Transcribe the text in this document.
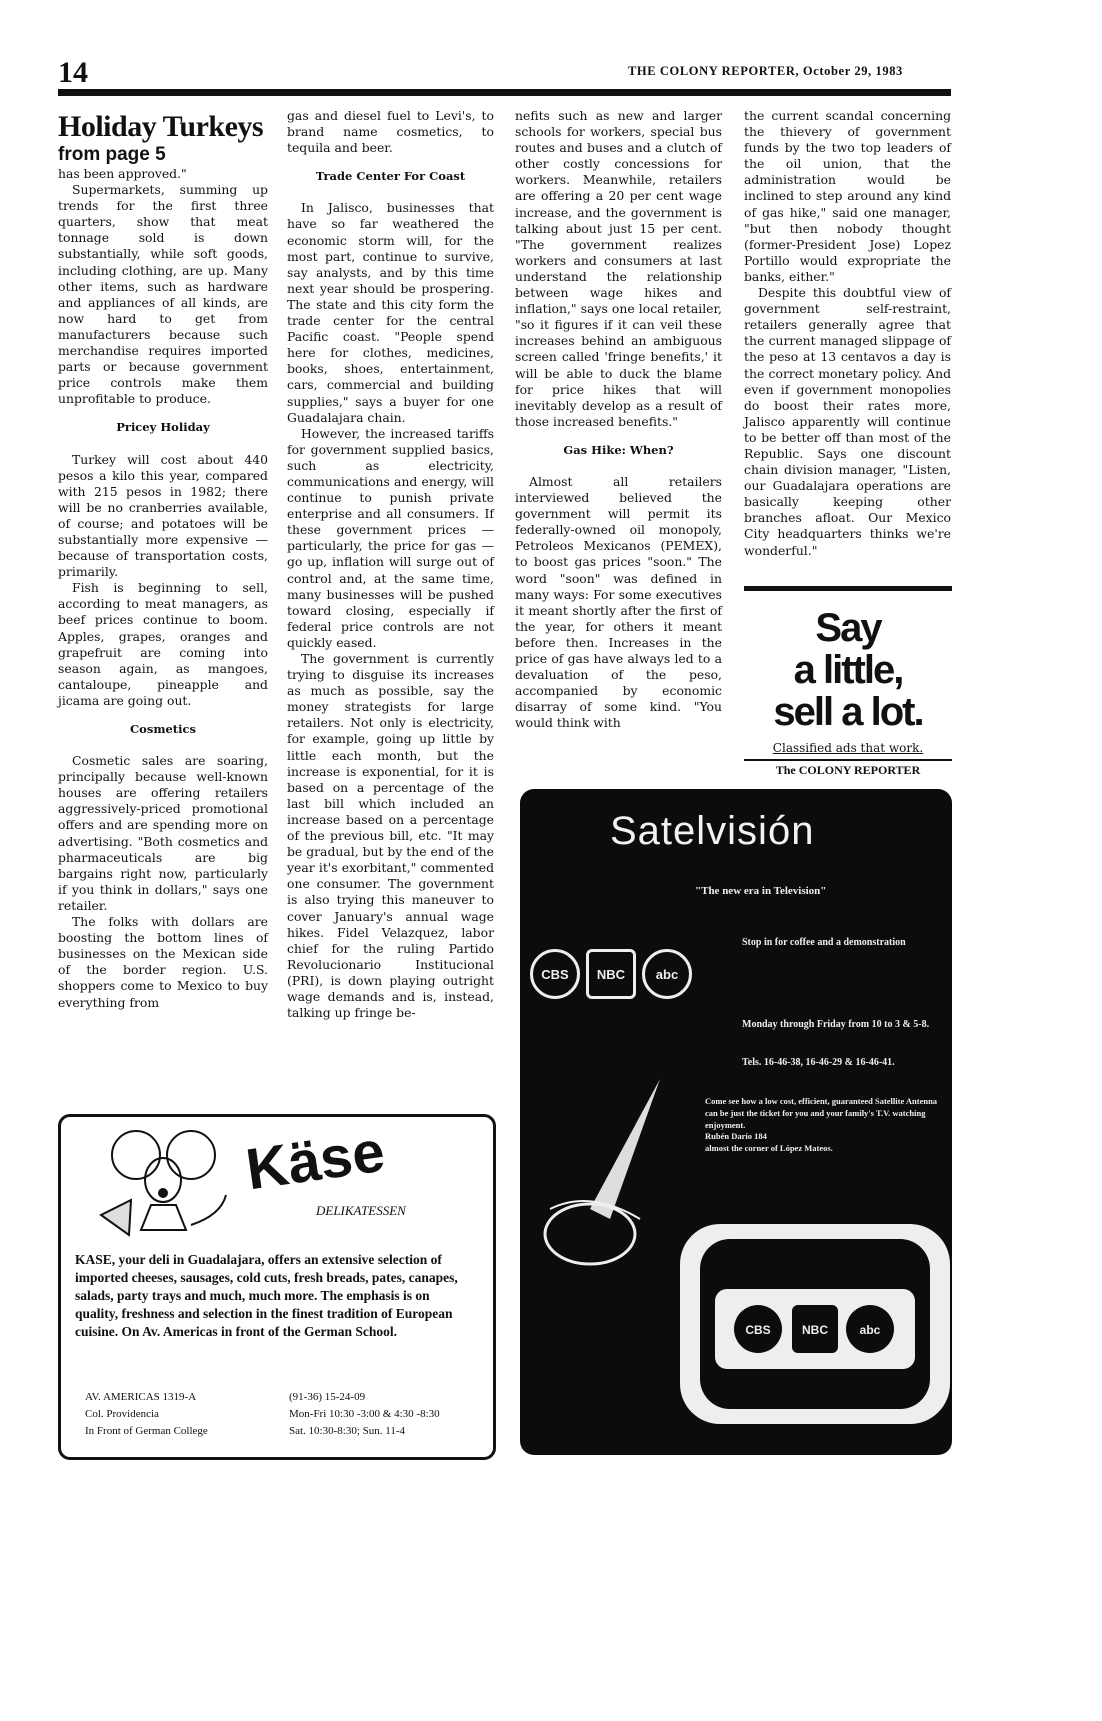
14	THE COLONY REPORTER, October 29, 1983

Holiday Turkeys

from page 5

has been approved."

Supermarkets, summing up trends for the first three quarters, show that meat tonnage sold is down substantially, while soft goods, including clothing, are up. Many other items, such as hardware and appliances of all kinds, are now hard to get from manufacturers because such merchandise requires imported parts or because government price controls make them unprofitable to produce.

Pricey Holiday

Turkey will cost about 440 pesos a kilo this year, compared with 215 pesos in 1982; there will be no cranberries available, of course; and potatoes will be substantially more expensive — because of transportation costs, primarily.

Fish is beginning to sell, according to meat managers, as beef prices continue to boom. Apples, grapes, oranges and grapefruit are coming into season again, as mangoes, cantaloupe, pineapple and jicama are going out.

Cosmetics

Cosmetic sales are soaring, principally because well-known houses are offering retailers aggressively-priced promotional offers and are spending more on advertising. "Both cosmetics and pharmaceuticals are big bargains right now, particularly if you think in dollars," says one retailer.

The folks with dollars are boosting the bottom lines of businesses on the Mexican side of the border region. U.S. shoppers come to Mexico to buy everything from

gas and diesel fuel to Levi's, to brand name cosmetics, to tequila and beer.

Trade Center For Coast

In Jalisco, businesses that have so far weathered the economic storm will, for the most part, continue to survive, say analysts, and by this time next year should be prospering. The state and this city form the trade center for the central Pacific coast. "People spend here for clothes, medicines, books, shoes, entertainment, cars, commercial and building supplies," says a buyer for one Guadalajara chain.

However, the increased tariffs for government supplied basics, such as electricity, communications and energy, will continue to punish private enterprise and all consumers. If these government prices — particularly, the price for gas — go up, inflation will surge out of control and, at the same time, many businesses will be pushed toward closing, especially if federal price controls are not quickly eased.

The government is currently trying to disguise its increases as much as possible, say the money strategists for large retailers. Not only is electricity, for example, going up little by little each month, but the increase is exponential, for it is based on a percentage of the last bill which included an increase based on a percentage of the previous bill, etc. "It may be gradual, but by the end of the year it's exorbitant," commented one consumer. The government is also trying this maneuver to cover January's annual wage hikes. Fidel Velazquez, labor chief for the ruling Partido Revolucionario Institucional (PRI), is down playing outright wage demands and is, instead, talking up fringe be-

nefits such as new and larger schools for workers, special bus routes and buses and a clutch of other costly concessions for workers. Meanwhile, retailers are offering a 20 per cent wage increase, and the government is talking about just 15 per cent. "The government realizes workers and consumers at last understand the relationship between wage hikes and inflation," says one local retailer, "so it figures if it can veil these increases behind an ambiguous screen called 'fringe benefits,' it will be able to duck the blame for price hikes that will inevitably develop as a result of those increased benefits."

Gas Hike: When?

Almost all retailers interviewed believed the government will permit its federally-owned oil monopoly, Petroleos Mexicanos (PEMEX), to boost gas prices "soon." The word "soon" was defined in many ways: For some executives it meant shortly after the first of the year, for others it meant before then. Increases in the price of gas have always led to a devaluation of the peso, accompanied by economic disarray of some kind. "You would think with

the current scandal concerning the thievery of government funds by the two top leaders of the oil union, that the administration would be inclined to step around any kind of gas hike," said one manager, "but then nobody thought (former-President Jose) Lopez Portillo would expropriate the banks, either."

Despite this doubtful view of government self-restraint, retailers generally agree that the current managed slippage of the peso at 13 centavos a day is the correct monetary policy. And even if government monopolies do boost their rates more, Jalisco apparently will continue to be better off than most of the Republic. Says one discount chain division manager, "Listen, our Guadalajara operations are basically keeping other branches afloat. Our Mexico City headquarters thinks we're wonderful."

Say
a little,
sell a lot.
Classified ads that work.
The COLONY REPORTER
Satelvisión
"The new era in Television"
Stop in for coffee and a demonstration
CBS	NBC	abc
Monday through Friday from 10 to 3 & 5-8.
Tels. 16-46-38, 16-46-29 & 16-46-41.
Come see how a low cost, efficient, guaranteed Satellite Antenna can be just the ticket for you and your family's T.V. watching enjoyment.
Rubén Darío 184
almost the corner of López Mateos.
CBS	NBC	abc
Käse
DELIKATESSEN
KASE, your deli in Guadalajara, offers an extensive selection of imported cheeses, sausages, cold cuts, fresh breads, pates, canapes, salads, party trays and much, much more. The emphasis is on quality, freshness and selection in the finest tradition of European cuisine. On Av. Americas in front of the German School.
AV. AMERICAS 1319-A
Col. Providencia
In Front of German College
(91-36) 15-24-09
Mon-Fri 10:30 -3:00 & 4:30 -8:30
Sat. 10:30-8:30; Sun. 11-4
